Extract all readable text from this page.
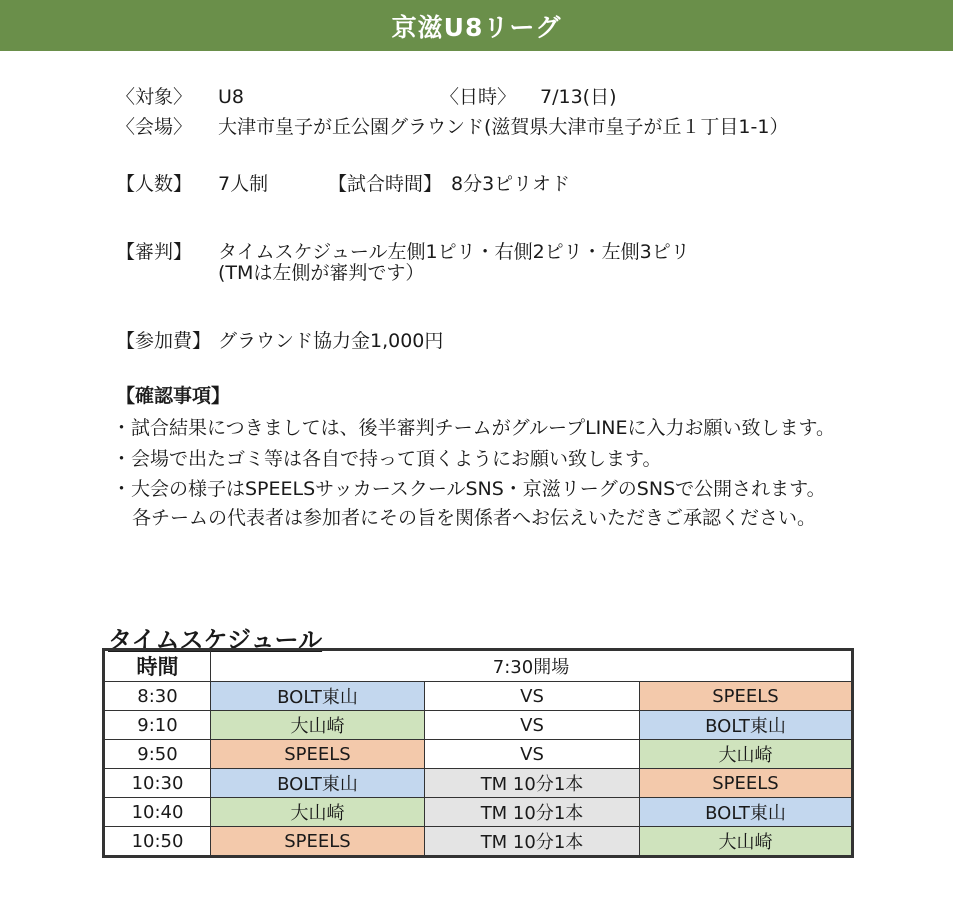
京滋U8リーグ
〈対象〉 U8	〈日時〉 7/13(日)
〈会場〉 大津市皇子が丘公園グラウンド(滋賀県大津市皇子が丘１丁目1-1）
【人数】 7人制	【試合時間】 8分3ピリオド
【審判】 タイムスケジュール左側1ピリ・右側2ピリ・左側3ピリ
(TMは左側が審判です）
【参加費】 グラウンド協力金1,000円
【確認事項】
・試合結果につきましては、後半審判チームがグループLINEに入力お願い致します。
・会場で出たゴミ等は各自で持って頂くようにお願い致します。
・大会の様子はSPEELSサッカースクールSNS・京滋リーグのSNSで公開されます。
各チームの代表者は参加者にその旨を関係者へお伝えいただきご承認ください。
タイムスケジュール
時間	7:30開場		
8:30	BOLT東山	VS	SPEELS
9:10	大山崎	VS	BOLT東山
9:50	SPEELS	VS	大山崎
10:30	BOLT東山	TM 10分1本	SPEELS
10:40	大山崎	TM 10分1本	BOLT東山
10:50	SPEELS	TM 10分1本	大山崎
